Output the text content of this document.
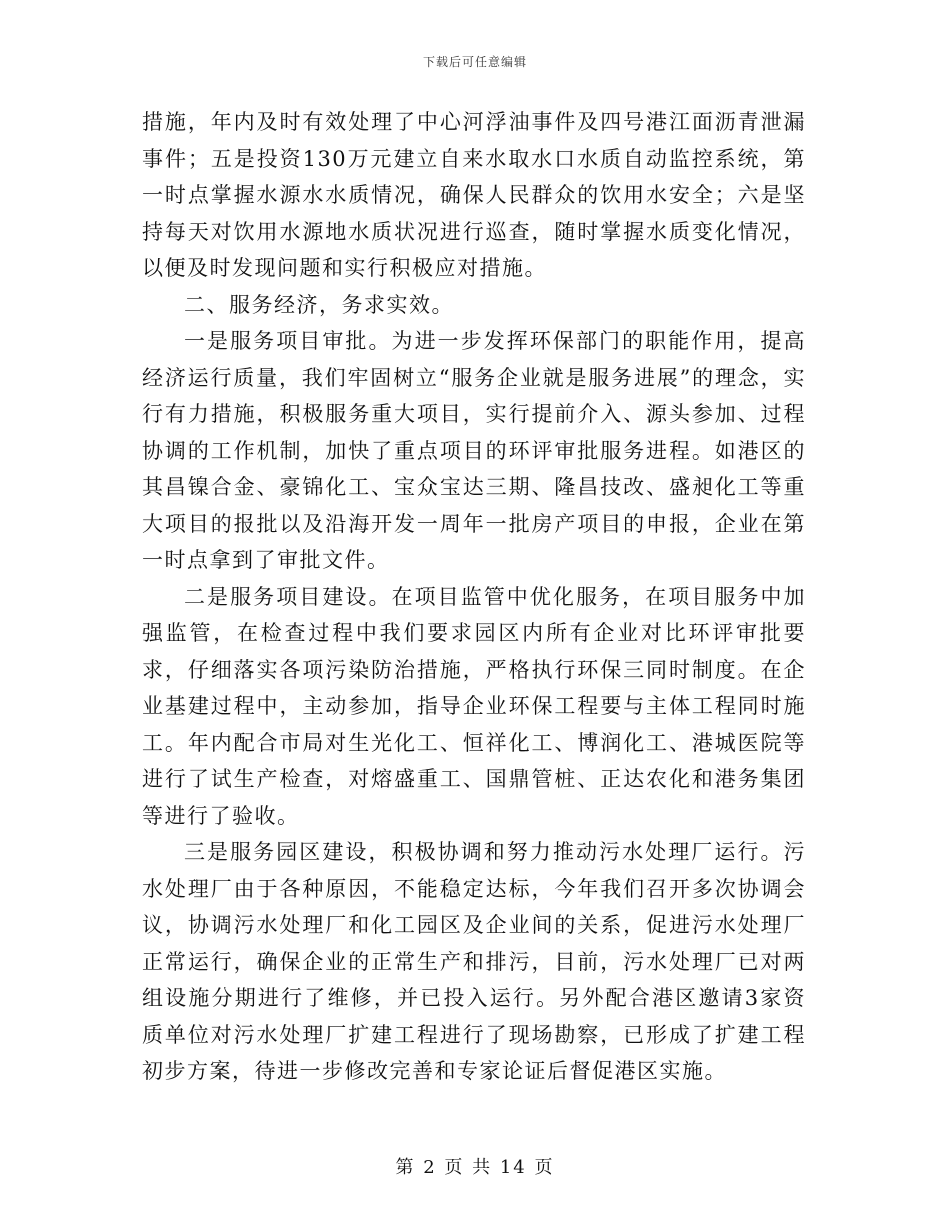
下载后可任意编辑

措施，年内及时有效处理了中心河浮油事件及四号港江面沥青泄漏事件；五是投资130万元建立自来水取水口水质自动监控系统，第一时点掌握水源水水质情况，确保人民群众的饮用水安全；六是坚持每天对饮用水源地水质状况进行巡查，随时掌握水质变化情况，以便及时发现问题和实行积极应对措施。

二、服务经济，务求实效。

一是服务项目审批。为进一步发挥环保部门的职能作用，提高经济运行质量，我们牢固树立“服务企业就是服务进展”的理念，实行有力措施，积极服务重大项目，实行提前介入、源头参加、过程协调的工作机制，加快了重点项目的环评审批服务进程。如港区的其昌镍合金、豪锦化工、宝众宝达三期、隆昌技改、盛昶化工等重大项目的报批以及沿海开发一周年一批房产项目的申报，企业在第一时点拿到了审批文件。

二是服务项目建设。在项目监管中优化服务，在项目服务中加强监管，在检查过程中我们要求园区内所有企业对比环评审批要求，仔细落实各项污染防治措施，严格执行环保三同时制度。在企业基建过程中，主动参加，指导企业环保工程要与主体工程同时施工。年内配合市局对生光化工、恒祥化工、博润化工、港城医院等进行了试生产检查，对熔盛重工、国鼎管桩、正达农化和港务集团等进行了验收。

三是服务园区建设，积极协调和努力推动污水处理厂运行。污水处理厂由于各种原因，不能稳定达标，今年我们召开多次协调会议，协调污水处理厂和化工园区及企业间的关系，促进污水处理厂正常运行，确保企业的正常生产和排污，目前，污水处理厂已对两组设施分期进行了维修，并已投入运行。另外配合港区邀请3家资质单位对污水处理厂扩建工程进行了现场勘察，已形成了扩建工程初步方案，待进一步修改完善和专家论证后督促港区实施。

第 2 页 共 14 页
